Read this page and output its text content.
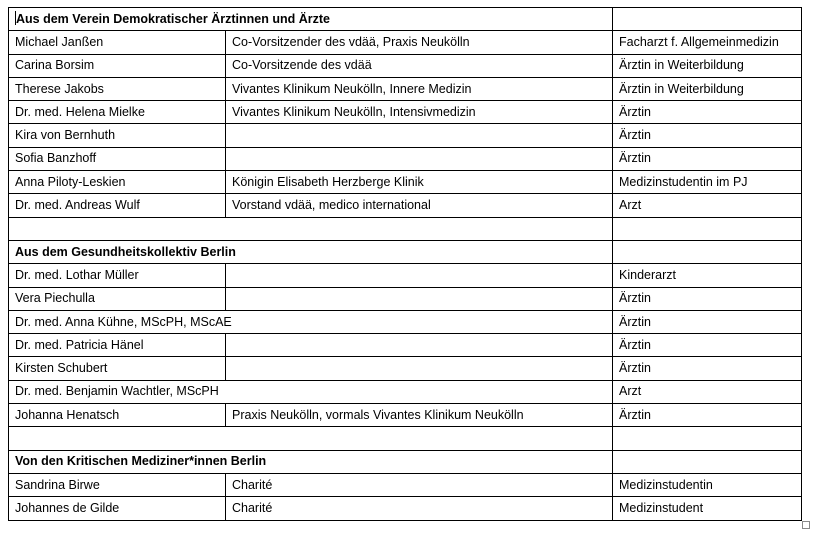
Aus dem Verein Demokratischer Ärztinnen und Ärzte		
Michael Janßen	Co-Vorsitzender des vdää, Praxis Neukölln	Facharzt f. Allgemeinmedizin
Carina Borsim	Co-Vorsitzende des vdää	Ärztin in Weiterbildung
Therese Jakobs	Vivantes Klinikum Neukölln, Innere Medizin	Ärztin in Weiterbildung
Dr. med. Helena Mielke	Vivantes Klinikum Neukölln, Intensivmedizin	Ärztin
Kira von Bernhuth		Ärztin
Sofia Banzhoff		Ärztin
Anna Piloty-Leskien	Königin Elisabeth Herzberge Klinik	Medizinstudentin im PJ
Dr. med. Andreas Wulf	Vorstand vdää, medico international	Arzt

Aus dem Gesundheitskollektiv Berlin		
Dr. med. Lothar Müller		Kinderarzt
Vera Piechulla		Ärztin
Dr. med. Anna Kühne, MScPH, MScAE		Ärztin
Dr. med. Patricia Hänel		Ärztin
Kirsten Schubert		Ärztin
Dr. med. Benjamin Wachtler, MScPH		Arzt
Johanna Henatsch	Praxis Neukölln, vormals Vivantes Klinikum Neukölln	Ärztin

Von den Kritischen Mediziner*innen Berlin		
Sandrina Birwe	Charité	Medizinstudentin
Johannes de Gilde	Charité	Medizinstudent
